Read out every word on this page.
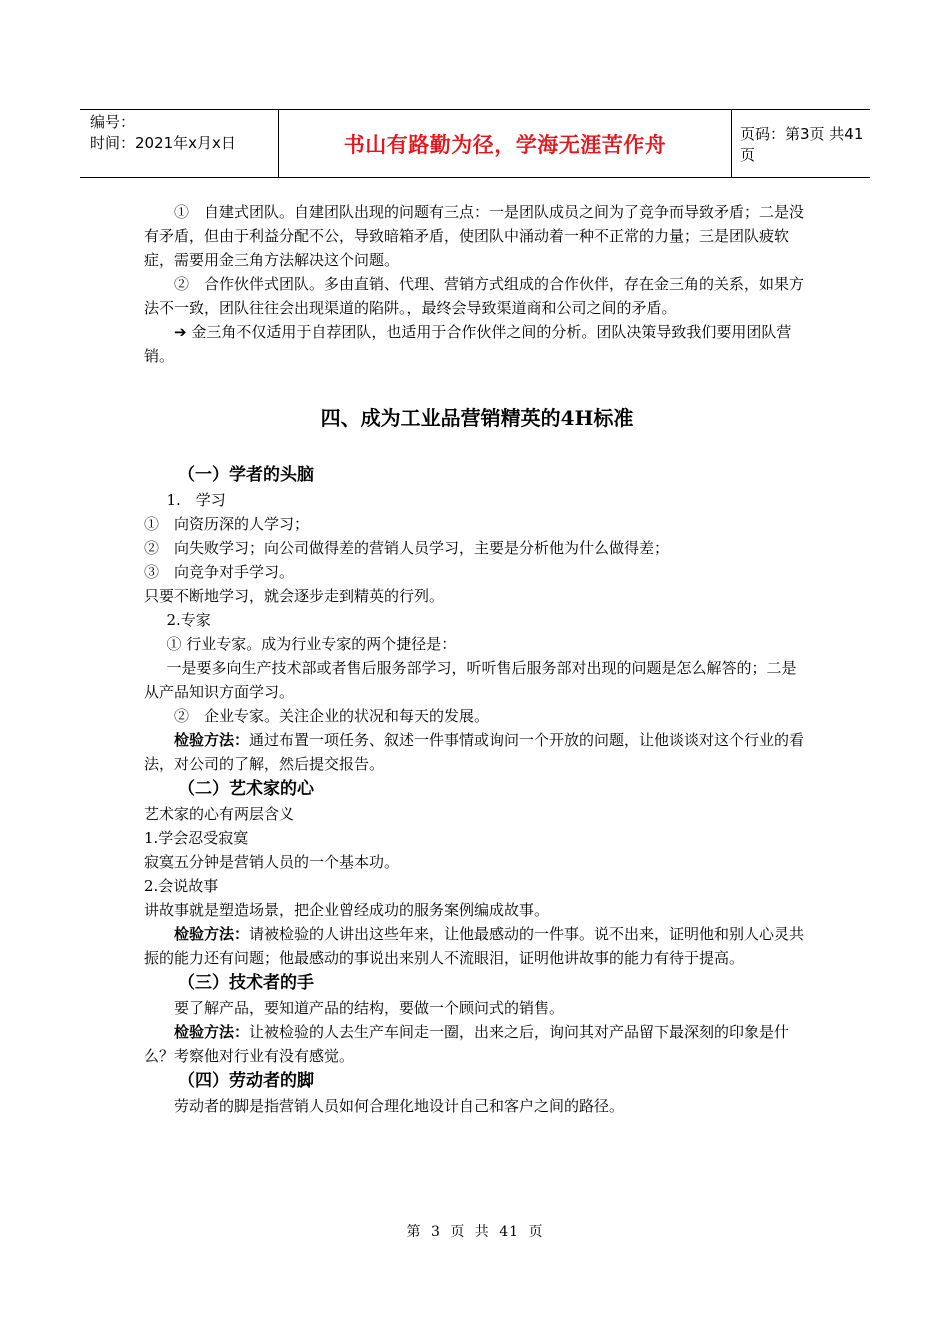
编号：
时间：2021年x月x日	书山有路勤为径，学海无涯苦作舟	页码：第3页 共41页

①　自建式团队。自建团队出现的问题有三点：一是团队成员之间为了竞争而导致矛盾；二是没有矛盾，但由于利益分配不公，导致暗箱矛盾，使团队中涌动着一种不正常的力量；三是团队疲软症，需要用金三角方法解决这个问题。

②　合作伙伴式团队。多由直销、代理、营销方式组成的合作伙伴，存在金三角的关系，如果方法不一致，团队往往会出现渠道的陷阱。，最终会导致渠道商和公司之间的矛盾。

➔ 金三角不仅适用于自荐团队，也适用于合作伙伴之间的分析。团队决策导致我们要用团队营销。

四、成为工业品营销精英的4H标准
（一）学者的头脑

1.　学习

①　向资历深的人学习；

②　向失败学习；向公司做得差的营销人员学习，主要是分析他为什么做得差；

③　向竞争对手学习。

只要不断地学习，就会逐步走到精英的行列。

2.专家

① 行业专家。成为行业专家的两个捷径是：

一是要多向生产技术部或者售后服务部学习，听听售后服务部对出现的问题是怎么解答的；二是从产品知识方面学习。

②　企业专家。关注企业的状况和每天的发展。

检验方法：通过布置一项任务、叙述一件事情或询问一个开放的问题，让他谈谈对这个行业的看法，对公司的了解，然后提交报告。

（二）艺术家的心

艺术家的心有两层含义

1.学会忍受寂寞

寂寞五分钟是营销人员的一个基本功。

2.会说故事

讲故事就是塑造场景，把企业曾经成功的服务案例编成故事。

检验方法：请被检验的人讲出这些年来，让他最感动的一件事。说不出来，证明他和别人心灵共振的能力还有问题；他最感动的事说出来别人不流眼泪，证明他讲故事的能力有待于提高。

（三）技术者的手

要了解产品，要知道产品的结构，要做一个顾问式的销售。

检验方法：让被检验的人去生产车间走一圈，出来之后，询问其对产品留下最深刻的印象是什么？考察他对行业有没有感觉。

（四）劳动者的脚

劳动者的脚是指营销人员如何合理化地设计自己和客户之间的路径。

第 3 页 共 41 页
